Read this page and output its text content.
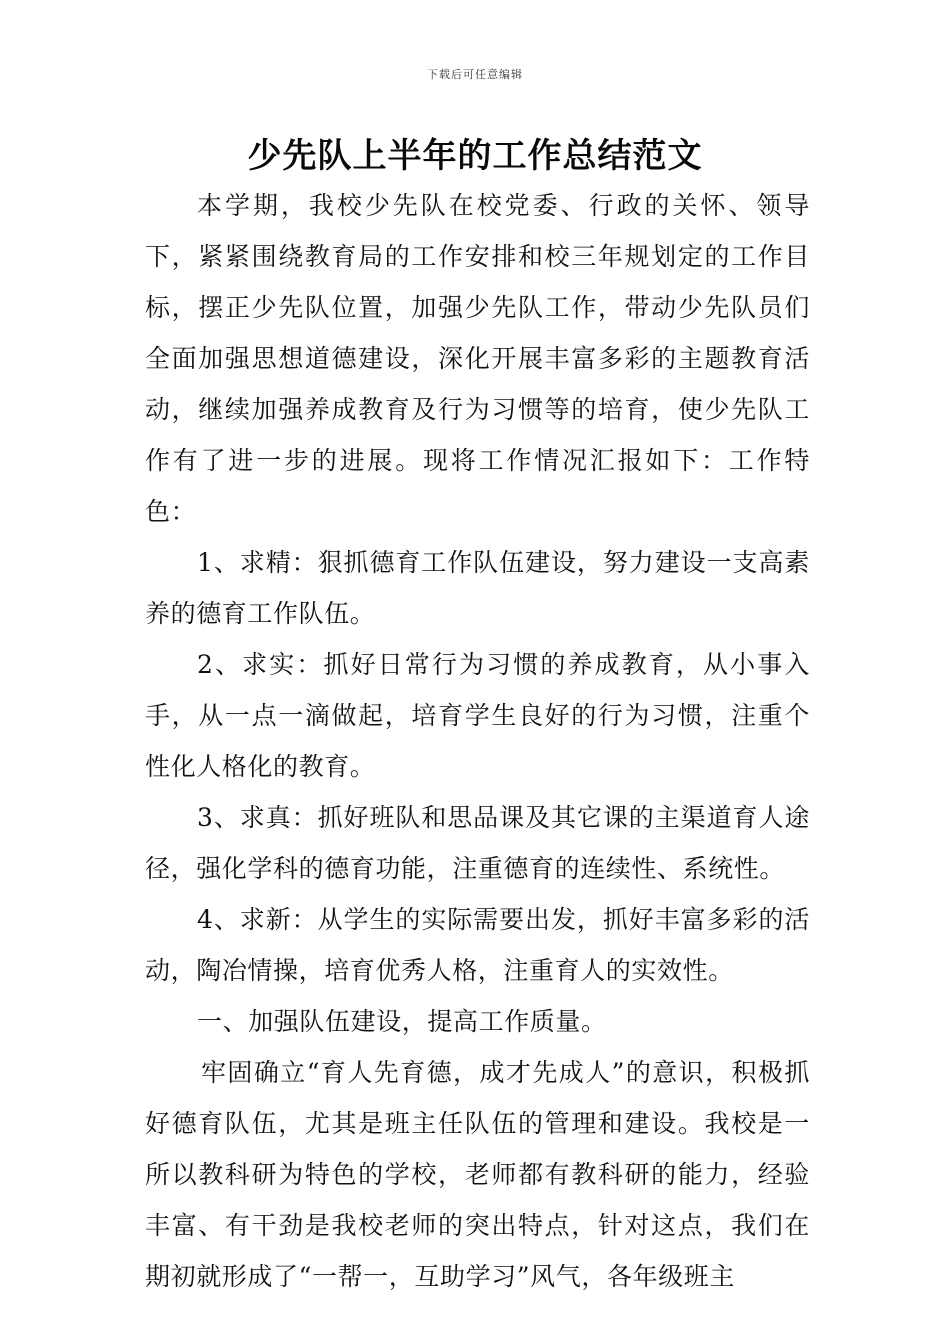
下载后可任意编辑
少先队上半年的工作总结范文

本学期，我校少先队在校党委、行政的关怀、领导下，紧紧围绕教育局的工作安排和校三年规划定的工作目标，摆正少先队位置，加强少先队工作，带动少先队员们全面加强思想道德建设，深化开展丰富多彩的主题教育活动，继续加强养成教育及行为习惯等的培育，使少先队工作有了进一步的进展。现将工作情况汇报如下：工作特色：

1、求精：狠抓德育工作队伍建设，努力建设一支高素养的德育工作队伍。

2、求实：抓好日常行为习惯的养成教育，从小事入手，从一点一滴做起，培育学生良好的行为习惯，注重个性化人格化的教育。

3、求真：抓好班队和思品课及其它课的主渠道育人途径，强化学科的德育功能，注重德育的连续性、系统性。

4、求新：从学生的实际需要出发，抓好丰富多彩的活动，陶冶情操，培育优秀人格，注重育人的实效性。

一、加强队伍建设，提高工作质量。

牢固确立“育人先育德，成才先成人”的意识，积极抓好德育队伍，尤其是班主任队伍的管理和建设。我校是一所以教科研为特色的学校，老师都有教科研的能力，经验丰富、有干劲是我校老师的突出特点，针对这点，我们在期初就形成了“一帮一，互助学习”风气，各年级班主
